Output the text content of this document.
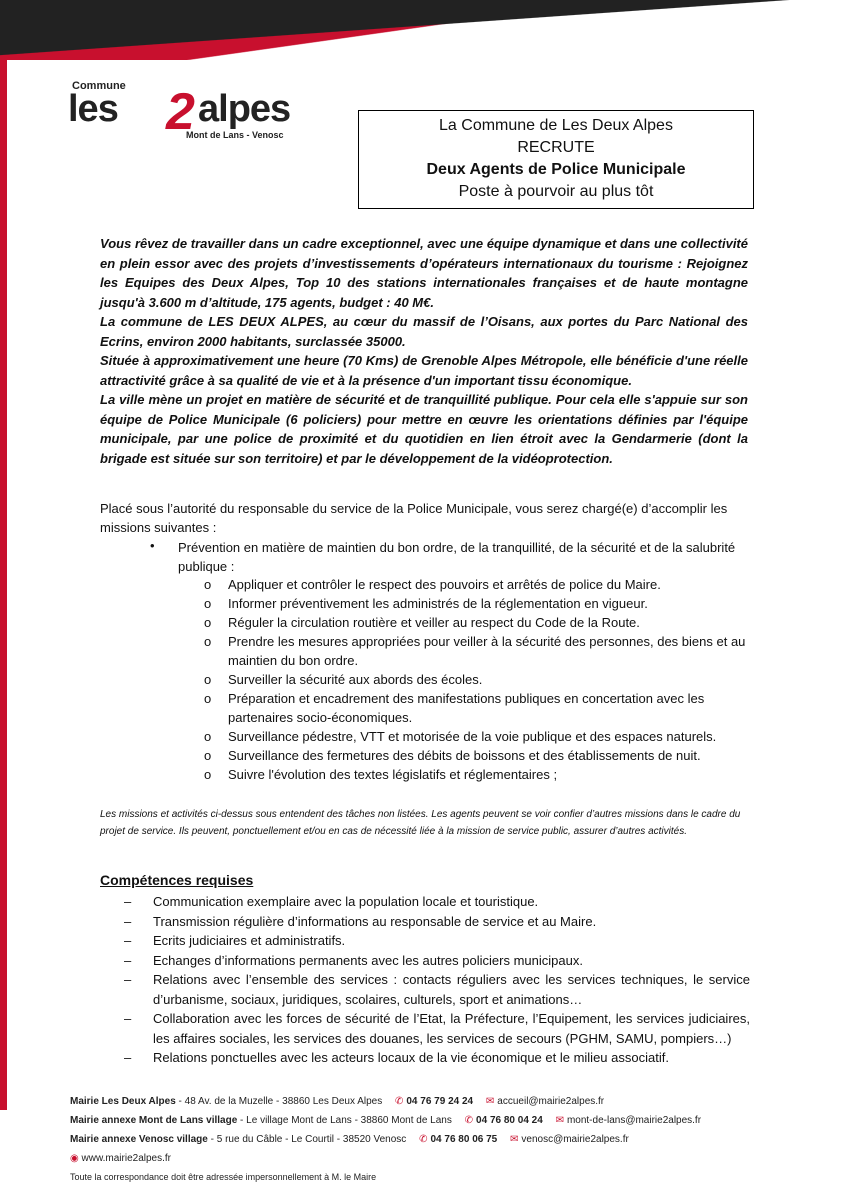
Commune
les 2 alpes
Mont de Lans - Venosc
La Commune de Les Deux Alpes
RECRUTE
Deux Agents de Police Municipale
Poste à pourvoir au plus tôt

Vous rêvez de travailler dans un cadre exceptionnel, avec une équipe dynamique et dans une collectivité en plein essor avec des projets d’investissements d’opérateurs internationaux du tourisme : Rejoignez les Equipes des Deux Alpes, Top 10 des stations internationales françaises et de haute montagne jusqu'à 3.600 m d’altitude, 175 agents, budget : 40 M€.

La commune de LES DEUX ALPES, au cœur du massif de l’Oisans, aux portes du Parc National des Ecrins, environ 2000 habitants, surclassée 35000.

Située à approximativement une heure (70 Kms) de Grenoble Alpes Métropole, elle bénéficie d'une réelle attractivité grâce à sa qualité de vie et à la présence d'un important tissu économique.

La ville mène un projet en matière de sécurité et de tranquillité publique. Pour cela elle s'appuie sur son équipe de Police Municipale (6 policiers) pour mettre en œuvre les orientations définies par l'équipe municipale, par une police de proximité et du quotidien en lien étroit avec la Gendarmerie (dont la brigade est située sur son territoire) et par le développement de la vidéoprotection.

Placé sous l’autorité du responsable du service de la Police Municipale, vous serez chargé(e) d’accomplir les missions suivantes :

• Prévention en matière de maintien du bon ordre, de la tranquillité, de la sécurité et de la salubrité publique :
o Appliquer et contrôler le respect des pouvoirs et arrêtés de police du Maire.
o Informer préventivement les administrés de la réglementation en vigueur.
o Réguler la circulation routière et veiller au respect du Code de la Route.
o Prendre les mesures appropriées pour veiller à la sécurité des personnes, des biens et au maintien du bon ordre.
o Surveiller la sécurité aux abords des écoles.
o Préparation et encadrement des manifestations publiques en concertation avec les partenaires socio-économiques.
o Surveillance pédestre, VTT et motorisée de la voie publique et des espaces naturels.
o Surveillance des fermetures des débits de boissons et des établissements de nuit.
o Suivre l'évolution des textes législatifs et réglementaires ;

Les missions et activités ci-dessus sous entendent des tâches non listées. Les agents peuvent se voir confier d’autres missions dans le cadre du projet de service. Ils peuvent, ponctuellement et/ou en cas de nécessité liée à la mission de service public, assurer d’autres activités.

Compétences requises
– Communication exemplaire avec la population locale et touristique.
– Transmission régulière d’informations au responsable de service et au Maire.
– Ecrits judiciaires et administratifs.
– Echanges d’informations permanents avec les autres policiers municipaux.
– Relations avec l’ensemble des services : contacts réguliers avec les services techniques, le service d’urbanisme, sociaux, juridiques, scolaires, culturels, sport et animations…
– Collaboration avec les forces de sécurité de l’Etat, la Préfecture, l’Equipement, les services judiciaires, les affaires sociales, les services des douanes, les services de secours (PGHM, SAMU, pompiers…)
– Relations ponctuelles avec les acteurs locaux de la vie économique et le milieu associatif.
Mairie Les Deux Alpes - 48 Av. de la Muzelle - 38860 Les Deux Alpes ✆ 04 76 79 24 24 ✉ accueil@mairie2alpes.fr
Mairie annexe Mont de Lans village - Le village Mont de Lans - 38860 Mont de Lans ✆ 04 76 80 04 24 ✉ mont-de-lans@mairie2alpes.fr
Mairie annexe Venosc village - 5 rue du Câble - Le Courtil - 38520 Venosc ✆ 04 76 80 06 75 ✉ venosc@mairie2alpes.fr
◉ www.mairie2alpes.fr
Toute la correspondance doit être adressée impersonnellement à M. le Maire
